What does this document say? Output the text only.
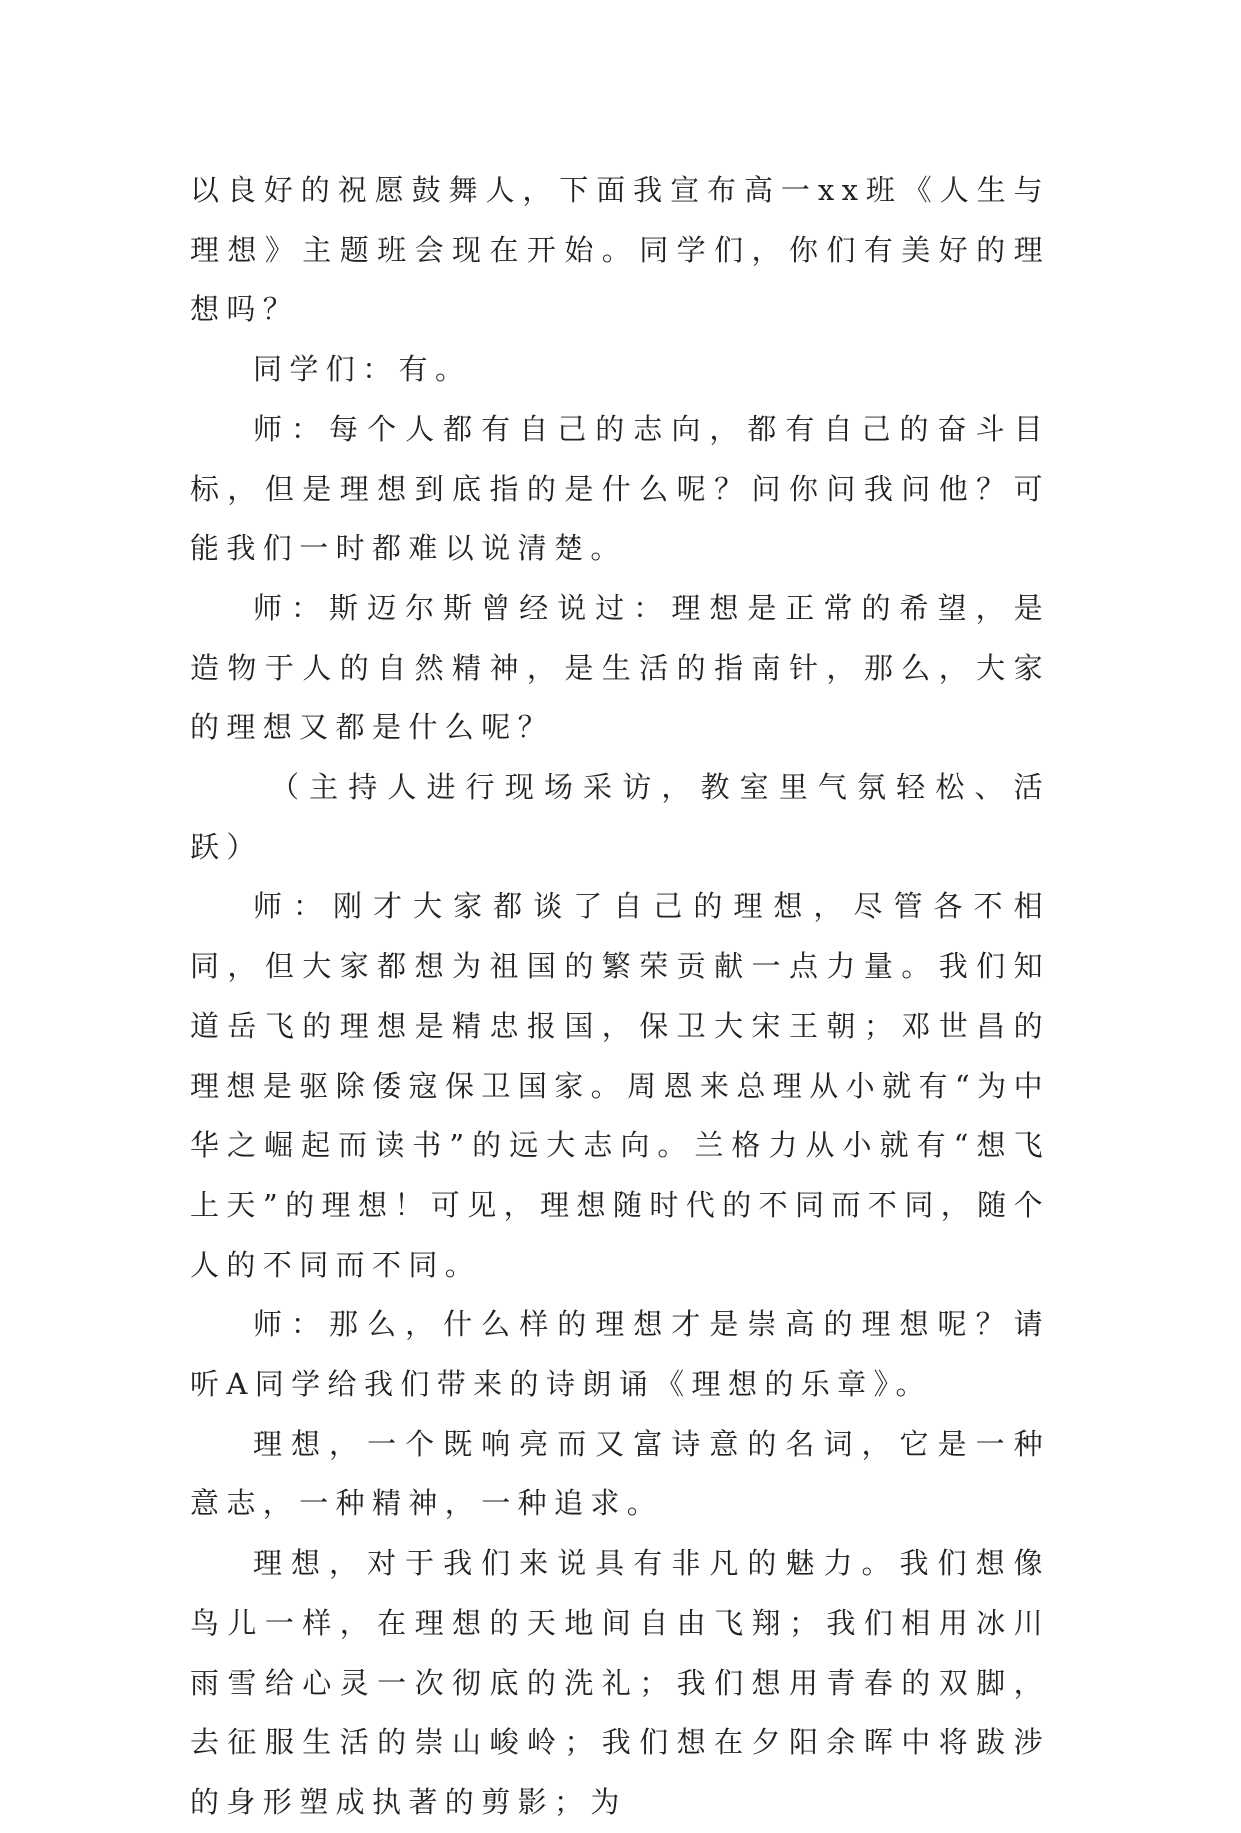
以良好的祝愿鼓舞人，下面我宣布高一xx班《人生与理想》主题班会现在开始。同学们，你们有美好的理想吗？

同学们：有。

师：每个人都有自己的志向，都有自己的奋斗目标，但是理想到底指的是什么呢？问你问我问他？可能我们一时都难以说清楚。

师：斯迈尔斯曾经说过：理想是正常的希望，是造物于人的自然精神，是生活的指南针，那么，大家的理想又都是什么呢？

（主持人进行现场采访，教室里气氛轻松、活跃）

师：刚才大家都谈了自己的理想，尽管各不相同，但大家都想为祖国的繁荣贡献一点力量。我们知道岳飞的理想是精忠报国，保卫大宋王朝；邓世昌的理想是驱除倭寇保卫国家。周恩来总理从小就有“为中华之崛起而读书”的远大志向。兰格力从小就有“想飞上天”的理想！可见，理想随时代的不同而不同，随个人的不同而不同。

师：那么，什么样的理想才是崇高的理想呢？请听A同学给我们带来的诗朗诵《理想的乐章》。

理想，一个既响亮而又富诗意的名词，它是一种意志，一种精神，一种追求。

理想，对于我们来说具有非凡的魅力。我们想像鸟儿一样，在理想的天地间自由飞翔；我们相用冰川雨雪给心灵一次彻底的洗礼；我们想用青春的双脚，去征服生活的崇山峻岭；我们想在夕阳余晖中将跋涉的身形塑成执著的剪影；为
